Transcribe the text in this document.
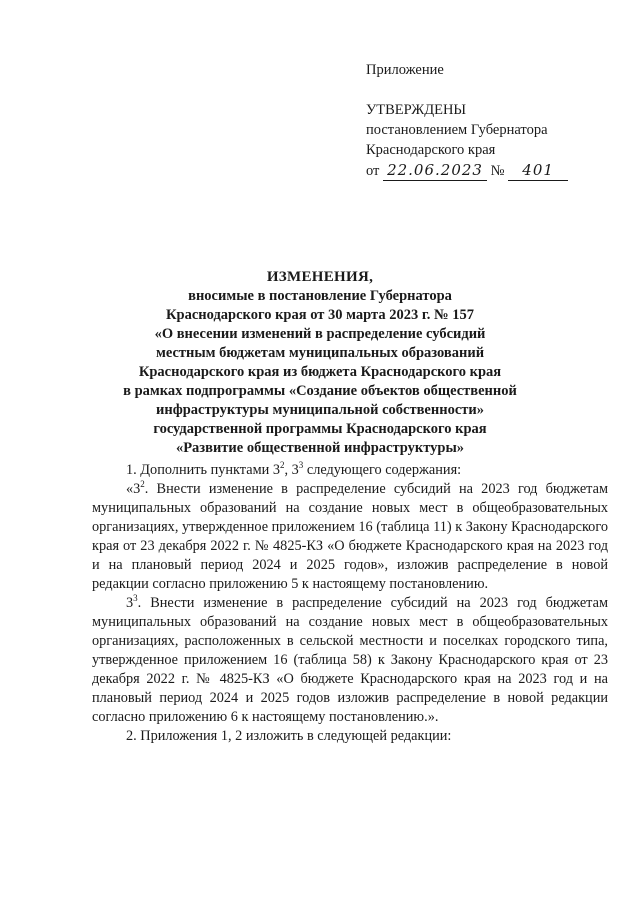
Приложение
УТВЕРЖДЕНЫ
постановлением Губернатора
Краснодарского края
от 22.06.2023 № 401
ИЗМЕНЕНИЯ,
вносимые в постановление Губернатора
Краснодарского края от 30 марта 2023 г. № 157
«О внесении изменений в распределение субсидий
местным бюджетам муниципальных образований
Краснодарского края из бюджета Краснодарского края
в рамках подпрограммы «Создание объектов общественной
инфраструктуры муниципальной собственности»
государственной программы Краснодарского края
«Развитие общественной инфраструктуры»

1. Дополнить пунктами $3^2$, $3^3$ следующего содержания:

«$3^2$. Внести изменение в распределение субсидий на 2023 год бюджетам муниципальных образований на создание новых мест в общеобразовательных организациях, утвержденное приложением 16 (таблица 11) к Закону Краснодарского края от 23 декабря 2022 г. № 4825-КЗ «О бюджете Краснодарского края на 2023 год и на плановый период 2024 и 2025 годов», изложив распределение в новой редакции согласно приложению 5 к настоящему постановлению.

$3^3$. Внести изменение в распределение субсидий на 2023 год бюджетам муниципальных образований на создание новых мест в общеобразовательных организациях, расположенных в сельской местности и поселках городского типа, утвержденное приложением 16 (таблица 58) к Закону Краснодарского края от 23 декабря 2022 г. № 4825-КЗ «О бюджете Краснодарского края на 2023 год и на плановый период 2024 и 2025 годов изложив распределение в новой редакции согласно приложению 6 к настоящему постановлению.».

2. Приложения 1, 2 изложить в следующей редакции:
